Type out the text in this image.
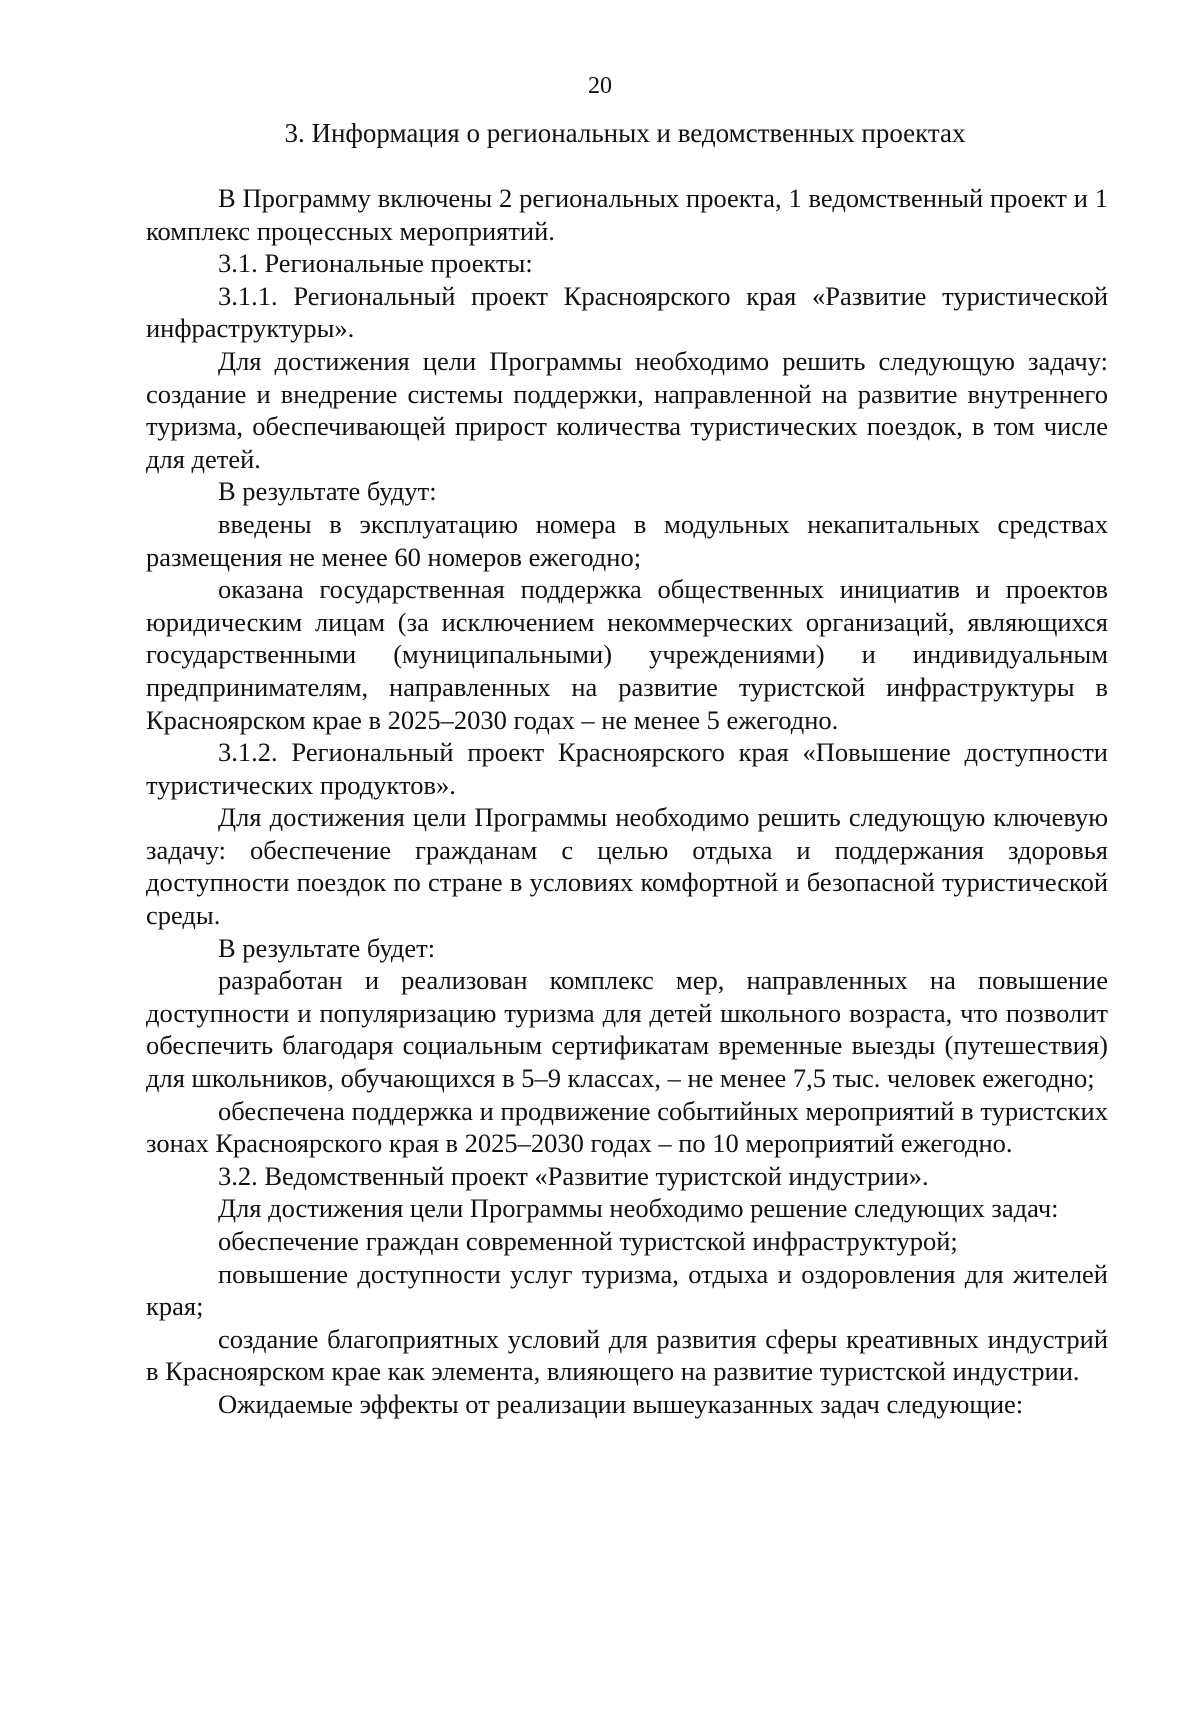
20
3. Информация о региональных и ведомственных проектах

В Программу включены 2 региональных проекта, 1 ведомственный проект и 1 комплекс процессных мероприятий.

3.1. Региональные проекты:

3.1.1. Региональный проект Красноярского края «Развитие туристической инфраструктуры».

Для достижения цели Программы необходимо решить следующую задачу: создание и внедрение системы поддержки, направленной на развитие внутреннего туризма, обеспечивающей прирост количества туристических поездок, в том числе для детей.

В результате будут:

введены в эксплуатацию номера в модульных некапитальных средствах размещения не менее 60 номеров ежегодно;

оказана государственная поддержка общественных инициатив и проектов юридическим лицам (за исключением некоммерческих организаций, являющихся государственными (муниципальными) учреждениями) и индивидуальным предпринимателям, направленных на развитие туристской инфраструктуры в Красноярском крае в 2025–2030 годах – не менее 5 ежегодно.

3.1.2. Региональный проект Красноярского края «Повышение доступности туристических продуктов».

Для достижения цели Программы необходимо решить следующую ключевую задачу: обеспечение гражданам с целью отдыха и поддержания здоровья доступности поездок по стране в условиях комфортной и безопасной туристической среды.

В результате будет:

разработан и реализован комплекс мер, направленных на повышение доступности и популяризацию туризма для детей школьного возраста, что позволит обеспечить благодаря социальным сертификатам временные выезды (путешествия) для школьников, обучающихся в 5–9 классах, – не менее 7,5 тыс. человек ежегодно;

обеспечена поддержка и продвижение событийных мероприятий в туристских зонах Красноярского края в 2025–2030 годах – по 10 мероприятий ежегодно.

3.2. Ведомственный проект «Развитие туристской индустрии».

Для достижения цели Программы необходимо решение следующих задач:

обеспечение граждан современной туристской инфраструктурой;

повышение доступности услуг туризма, отдыха и оздоровления для жителей края;

создание благоприятных условий для развития сферы креативных индустрий в Красноярском крае как элемента, влияющего на развитие туристской индустрии.

Ожидаемые эффекты от реализации вышеуказанных задач следующие:
